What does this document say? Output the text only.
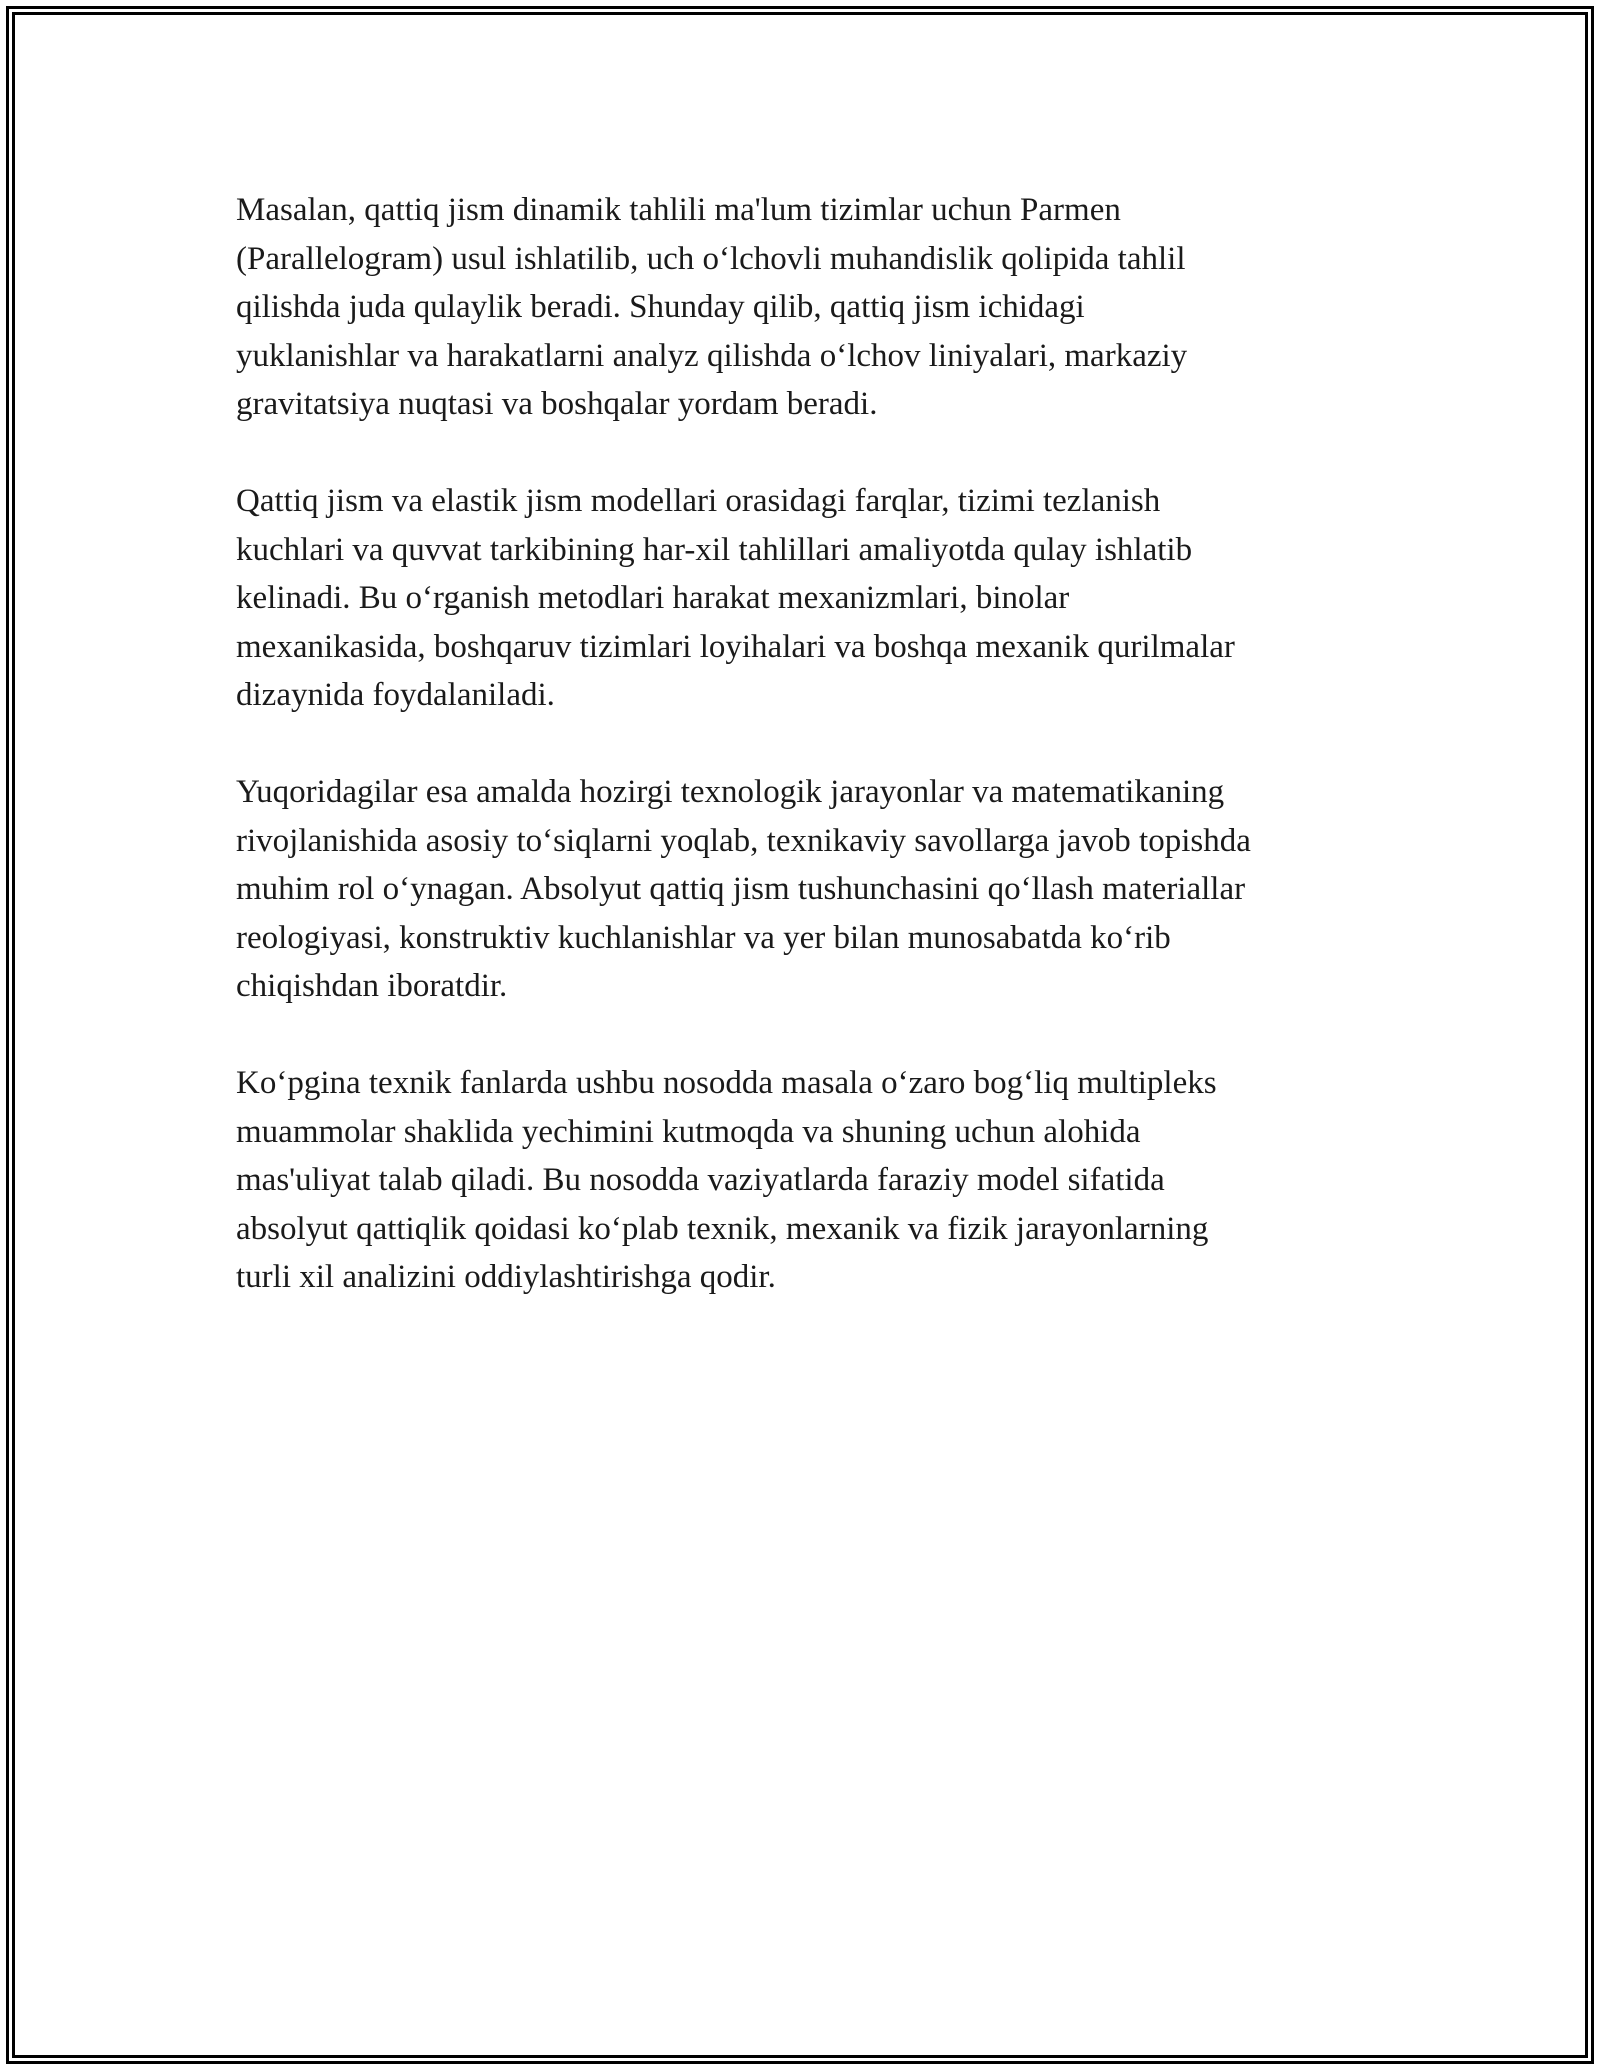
Masalan, qattiq jism dinamik tahlili ma'lum tizimlar uchun Parmen
(Parallelogram) usul ishlatilib, uch o‘lchovli muhandislik qolipida tahlil
qilishda juda qulaylik beradi. Shunday qilib, qattiq jism ichidagi
yuklanishlar va harakatlarni analyz qilishda o‘lchov liniyalari, markaziy
gravitatsiya nuqtasi va boshqalar yordam beradi.

Qattiq jism va elastik jism modellari orasidagi farqlar, tizimi tezlanish
kuchlari va quvvat tarkibining har-xil tahlillari amaliyotda qulay ishlatib
kelinadi. Bu o‘rganish metodlari harakat mexanizmlari, binolar
mexanikasida, boshqaruv tizimlari loyihalari va boshqa mexanik qurilmalar
dizaynida foydalaniladi.

Yuqoridagilar esa amalda hozirgi texnologik jarayonlar va matematikaning
rivojlanishida asosiy to‘siqlarni yoqlab, texnikaviy savollarga javob topishda
muhim rol o‘ynagan. Absolyut qattiq jism tushunchasini qo‘llash materiallar
reologiyasi, konstruktiv kuchlanishlar va yer bilan munosabatda ko‘rib
chiqishdan iboratdir.

Ko‘pgina texnik fanlarda ushbu nosodda masala o‘zaro bog‘liq multipleks
muammolar shaklida yechimini kutmoqda va shuning uchun alohida
mas'uliyat talab qiladi. Bu nosodda vaziyatlarda faraziy model sifatida
absolyut qattiqlik qoidasi ko‘plab texnik, mexanik va fizik jarayonlarning
turli xil analizini oddiylashtirishga qodir.
